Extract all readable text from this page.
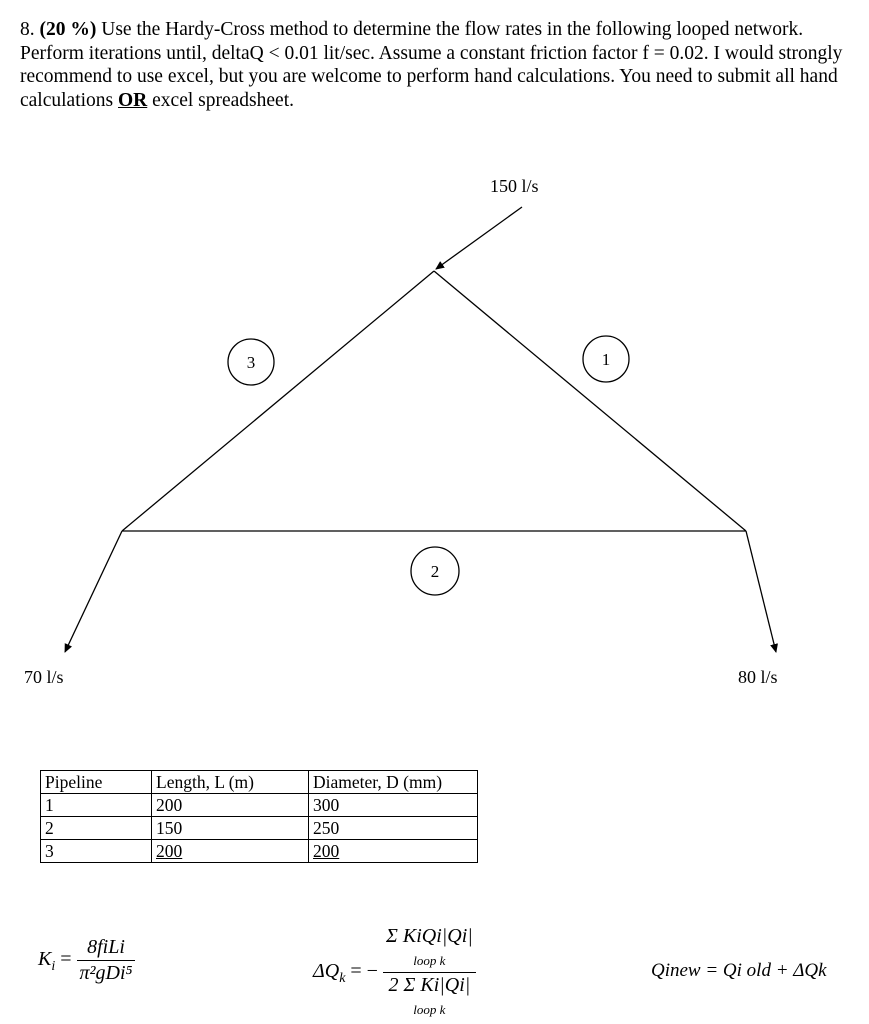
8. (20 %) Use the Hardy-Cross method to determine the flow rates in the following looped network. Perform iterations until, deltaQ < 0.01 lit/sec. Assume a constant friction factor f = 0.02. I would strongly recommend to use excel, but you are welcome to perform hand calculations. You need to submit all hand calculations OR excel spreadsheet.
3	1
2
150 l/s
70 l/s	80 l/s
Pipeline	Length, L (m)	Diameter, D (mm)
1	200	300
2	150	250
3	200	200
$K_i = \frac{\text{8fiLi}}{\text{π²gDi⁵}}$	$\Delta Q_k$ = −
Σ KiQi|Qi|
loop k
2 Σ Ki|Qi|
loop k
Qinew = Qi old + ΔQk
